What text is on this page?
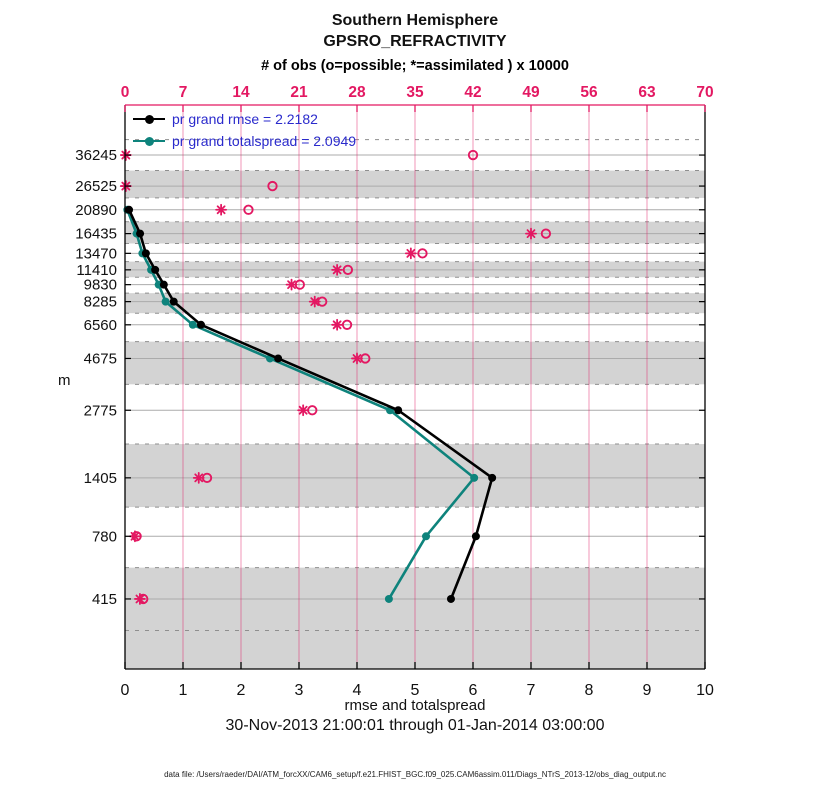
0	7	14	21	28	35	42	49	56	63	70
0	1	2	3	4	5	6	7	8	9	10
36245
26525
20890
16435
13470
11410
9830
8285
6560
4675
2775
1405
780
415
Southern Hemisphere
GPSRO_REFRACTIVITY
# of obs (o=possible; *=assimilated ) x 10000
m
pr grand rmse = 2.2182
pr grand totalspread = 2.0949
rmse and totalspread
30-Nov-2013 21:00:01 through 01-Jan-2014 03:00:00
data file: /Users/raeder/DAI/ATM_forcXX/CAM6_setup/f.e21.FHIST_BGC.f09_025.CAM6assim.011/Diags_NTrS_2013-12/obs_diag_output.nc
